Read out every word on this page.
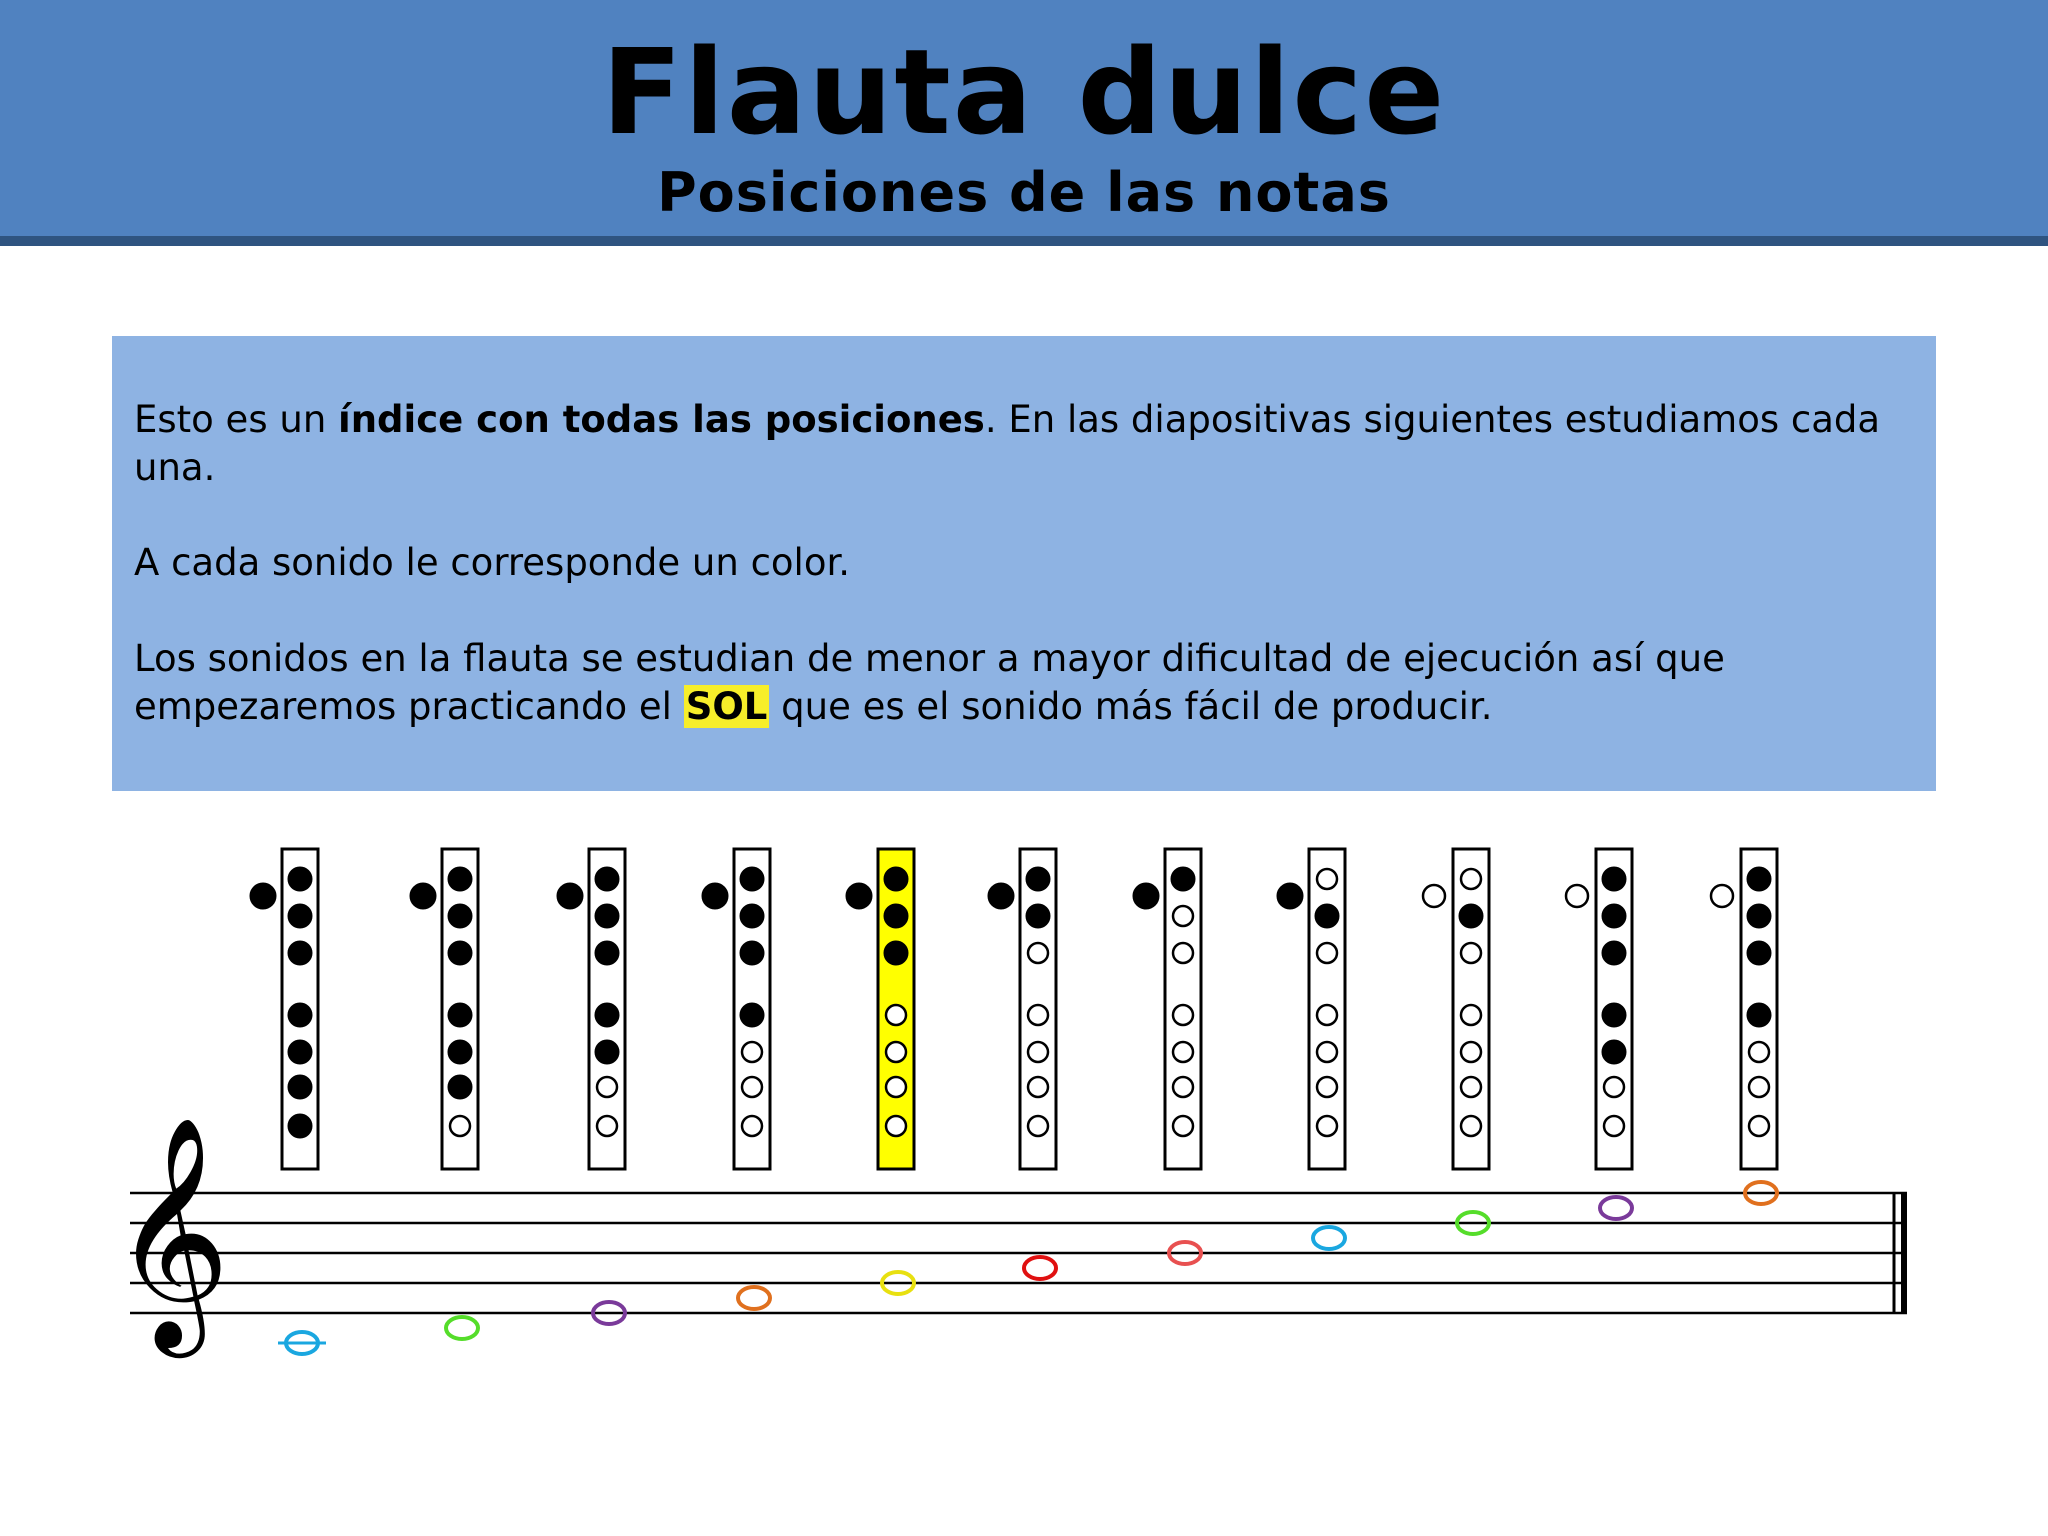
Flauta dulce
Posiciones de las notas
Esto es un índice con todas las posiciones. En las diapositivas siguientes estudiamos cada una.
A cada sonido le corresponde un color.
Los sonidos en la flauta se estudian de menor a mayor dificultad de ejecución así que empezaremos practicando el SOL que es el sonido más fácil de producir.
𝄞
